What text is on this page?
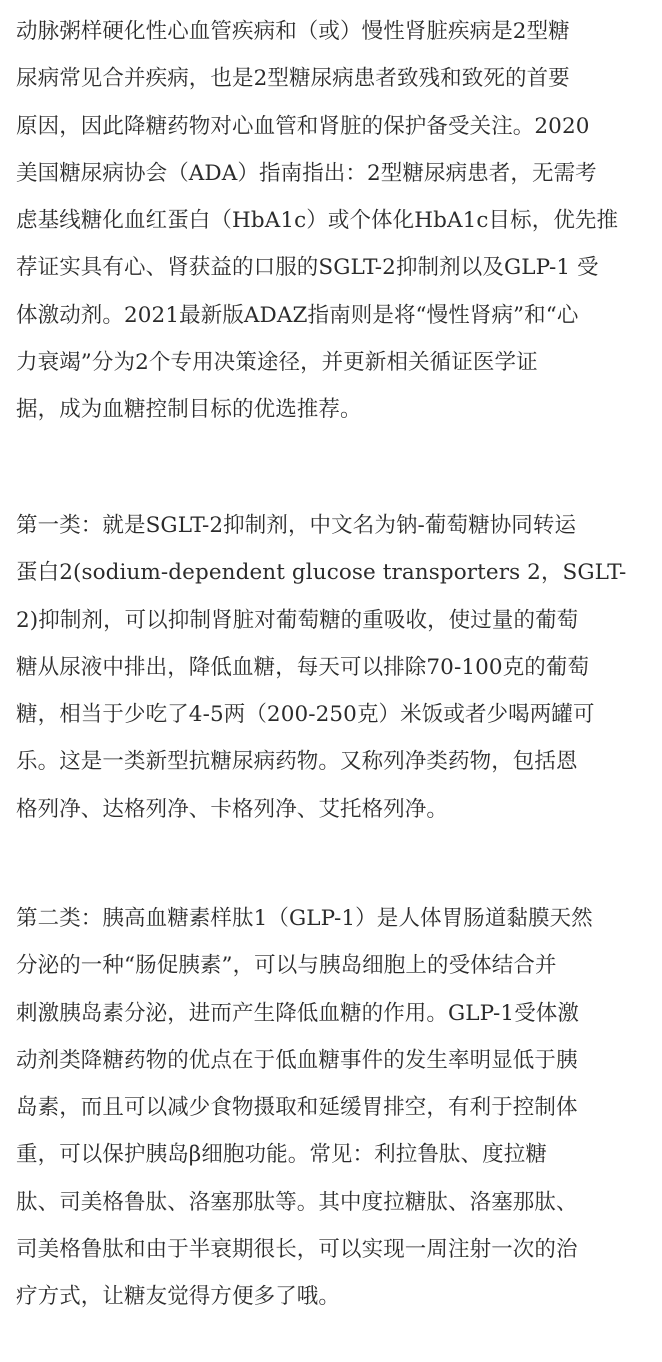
动脉粥样硬化性心血管疾病和（或）慢性肾脏疾病是2型糖
尿病常见合并疾病，也是2型糖尿病患者致残和致死的首要
原因，因此降糖药物对心血管和肾脏的保护备受关注。2020
美国糖尿病协会（ADA）指南指出：2型糖尿病患者，无需考
虑基线糖化血红蛋白（HbA1c）或个体化HbA1c目标，优先推
荐证实具有心、肾获益的口服的SGLT-2抑制剂以及GLP-1 受
体激动剂。2021最新版ADAZ指南则是将“慢性肾病”和“心
力衰竭”分为2个专用决策途径，并更新相关循证医学证
据，成为血糖控制目标的优选推荐。
第一类：就是SGLT-2抑制剂，中文名为钠-葡萄糖协同转运
蛋白2(sodium-dependent glucose transporters 2，SGLT-
2)抑制剂，可以抑制肾脏对葡萄糖的重吸收，使过量的葡萄
糖从尿液中排出，降低血糖，每天可以排除70-100克的葡萄
糖，相当于少吃了4-5两（200-250克）米饭或者少喝两罐可
乐。这是一类新型抗糖尿病药物。又称列净类药物，包括恩
格列净、达格列净、卡格列净、艾托格列净。
第二类：胰高血糖素样肽1（GLP-1）是人体胃肠道黏膜天然
分泌的一种“肠促胰素”，可以与胰岛细胞上的受体结合并
刺激胰岛素分泌，进而产生降低血糖的作用。GLP-1受体激
动剂类降糖药物的优点在于低血糖事件的发生率明显低于胰
岛素，而且可以减少食物摄取和延缓胃排空，有利于控制体
重，可以保护胰岛β细胞功能。常见：利拉鲁肽、度拉糖
肽、司美格鲁肽、洛塞那肽等。其中度拉糖肽、洛塞那肽、
司美格鲁肽和由于半衰期很长，可以实现一周注射一次的治
疗方式，让糖友觉得方便多了哦。
